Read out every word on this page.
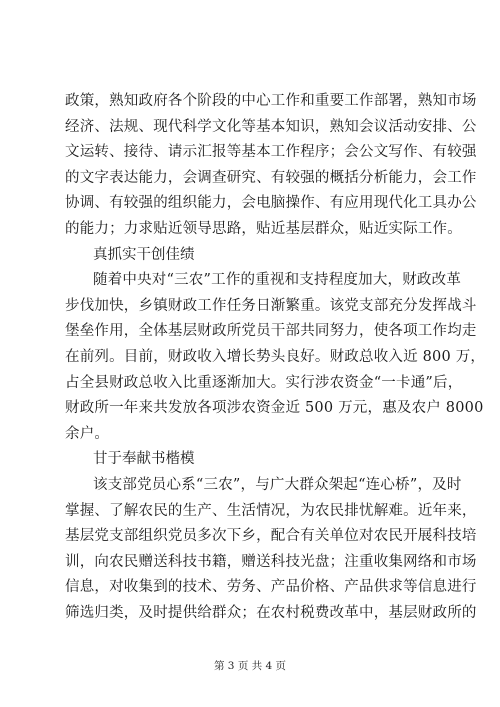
政策，熟知政府各个阶段的中心工作和重要工作部署，熟知市场
经济、法规、现代科学文化等基本知识，熟知会议活动安排、公
文运转、接待、请示汇报等基本工作程序；会公文写作、有较强
的文字表达能力，会调查研究、有较强的概括分析能力，会工作
协调、有较强的组织能力，会电脑操作、有应用现代化工具办公
的能力；力求贴近领导思路，贴近基层群众，贴近实际工作。

真抓实干创佳绩

随着中央对“三农”工作的重视和支持程度加大，财政改革
步伐加快，乡镇财政工作任务日渐繁重。该党支部充分发挥战斗
堡垒作用，全体基层财政所党员干部共同努力，使各项工作均走
在前列。目前，财政收入增长势头良好。财政总收入近 800 万，
占全县财政总收入比重逐渐加大。实行涉农资金“一卡通”后，
财政所一年来共发放各项涉农资金近 500 万元，惠及农户 8000
余户。

甘于奉献书楷模

该支部党员心系“三农”，与广大群众架起“连心桥”，及时
掌握、了解农民的生产、生活情况，为农民排忧解难。近年来，
基层党支部组织党员多次下乡，配合有关单位对农民开展科技培
训，向农民赠送科技书籍，赠送科技光盘；注重收集网络和市场
信息，对收集到的技术、劳务、产品价格、产品供求等信息进行
筛选归类，及时提供给群众；在农村税费改革中，基层财政所的

第 3 页 共 4 页
